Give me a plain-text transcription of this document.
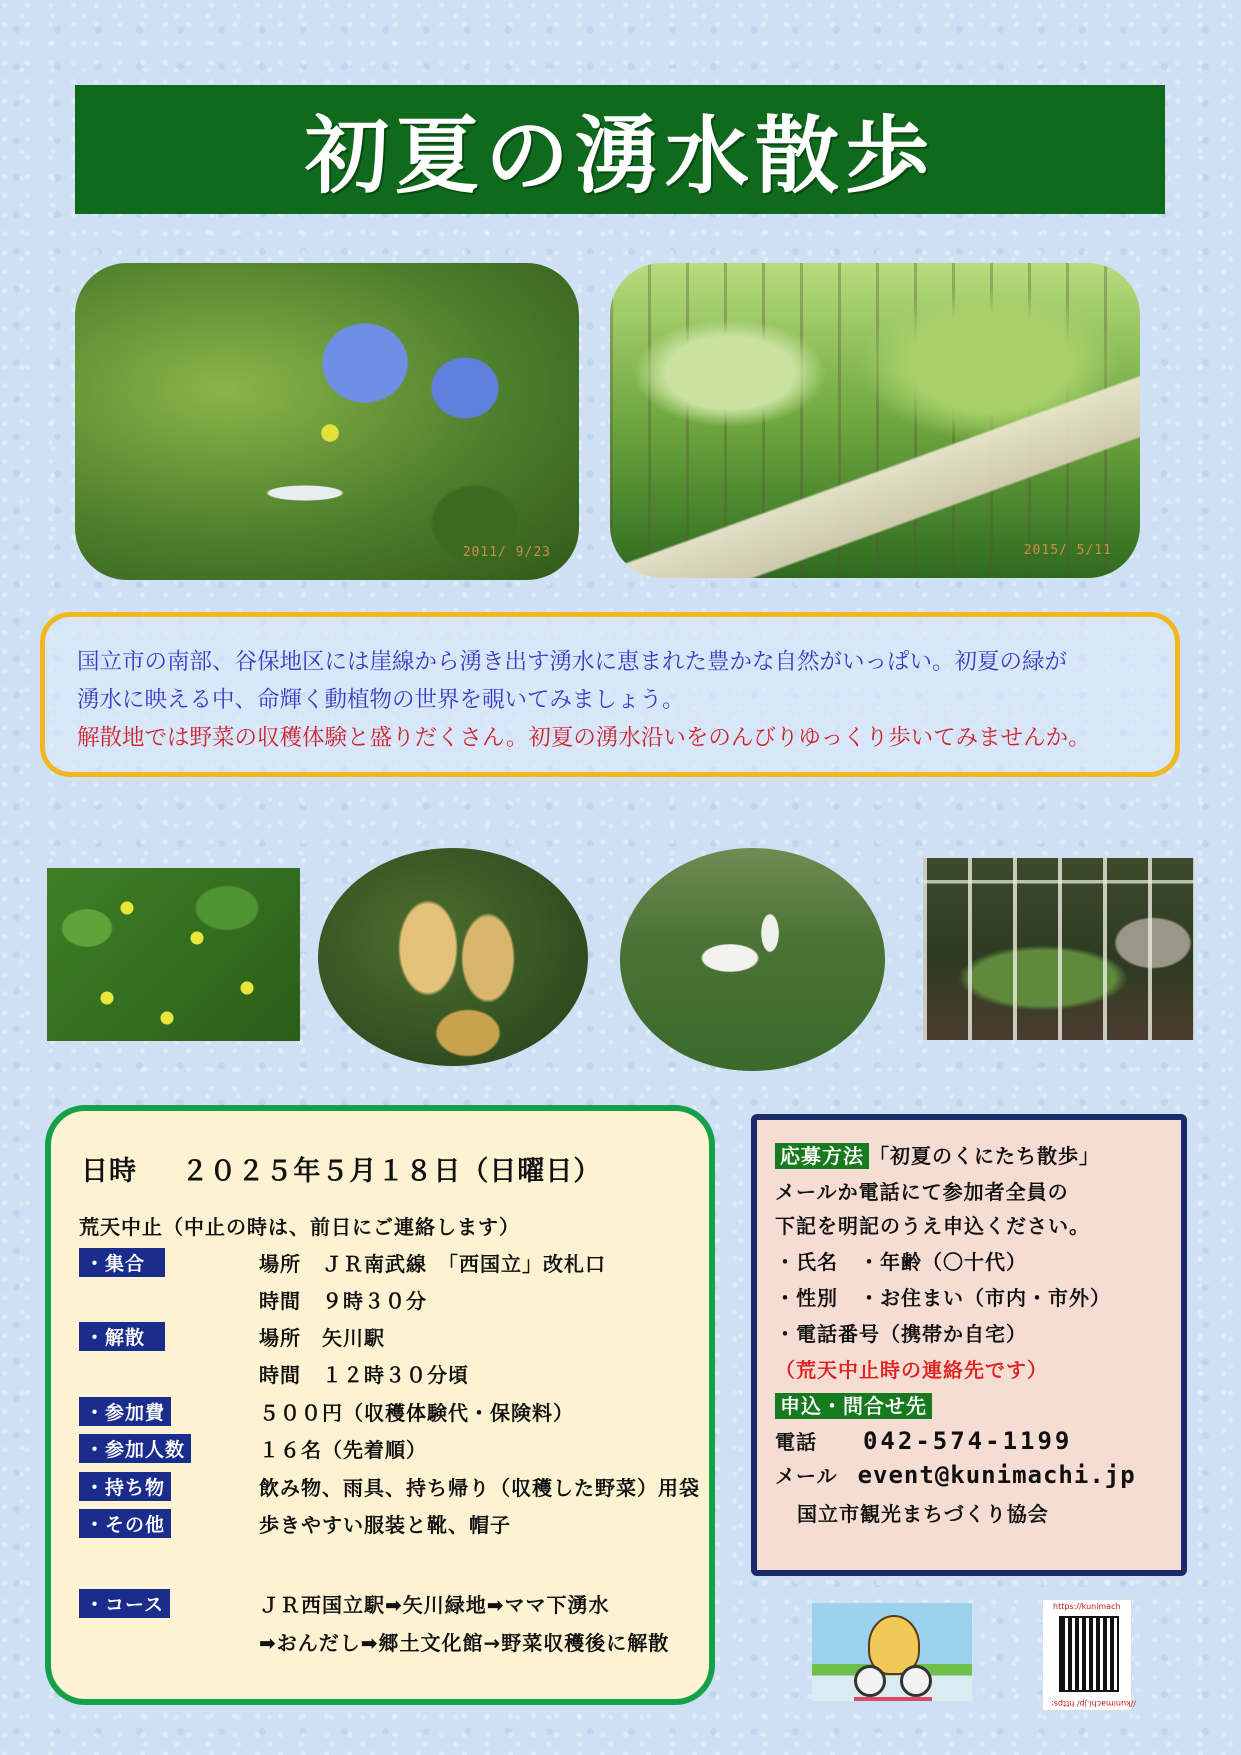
初夏の湧水散歩
2011/ 9/23	2015/ 5/11

国立市の南部、谷保地区には崖線から湧き出す湧水に恵まれた豊かな自然がいっぱい。初夏の緑が

湧水に映える中、命輝く動植物の世界を覗いてみましょう。

解散地では野菜の収穫体験と盛りだくさん。初夏の湧水沿いをのんびりゆっくり歩いてみませんか。

日時 ２０２５年５月１８日（日曜日）
荒天中止（中止の時は、前日にご連絡します）
・集合	場所　ＪＲ南武線　「西国立」改札口
時間　９時３０分
・解散	場所　矢川駅
時間　１２時３０分頃
・参加費	５００円（収穫体験代・保険料）
・参加人数	１６名（先着順）
・持ち物	飲み物、雨具、持ち帰り（収穫した野菜）用袋
・その他	歩きやすい服装と靴、帽子
・コース	ＪＲ西国立駅➡矢川緑地➡ママ下湧水
➡おんだし➡郷土文化館→野菜収穫後に解散
応募方法 「初夏のくにたち散歩」
メールか電話にて参加者全員の
下記を明記のうえ申込ください。
・氏名　・年齢（〇十代）
・性別　・お住まい（市内・市外）
・電話番号（携帯か自宅）
（荒天中止時の連絡先です）
申込・問合せ先
電話 042-574-1199
メール event@kunimachi.jp
国立市観光まちづくり協会
https://kunimach
//kunimachi.jp/ https:
